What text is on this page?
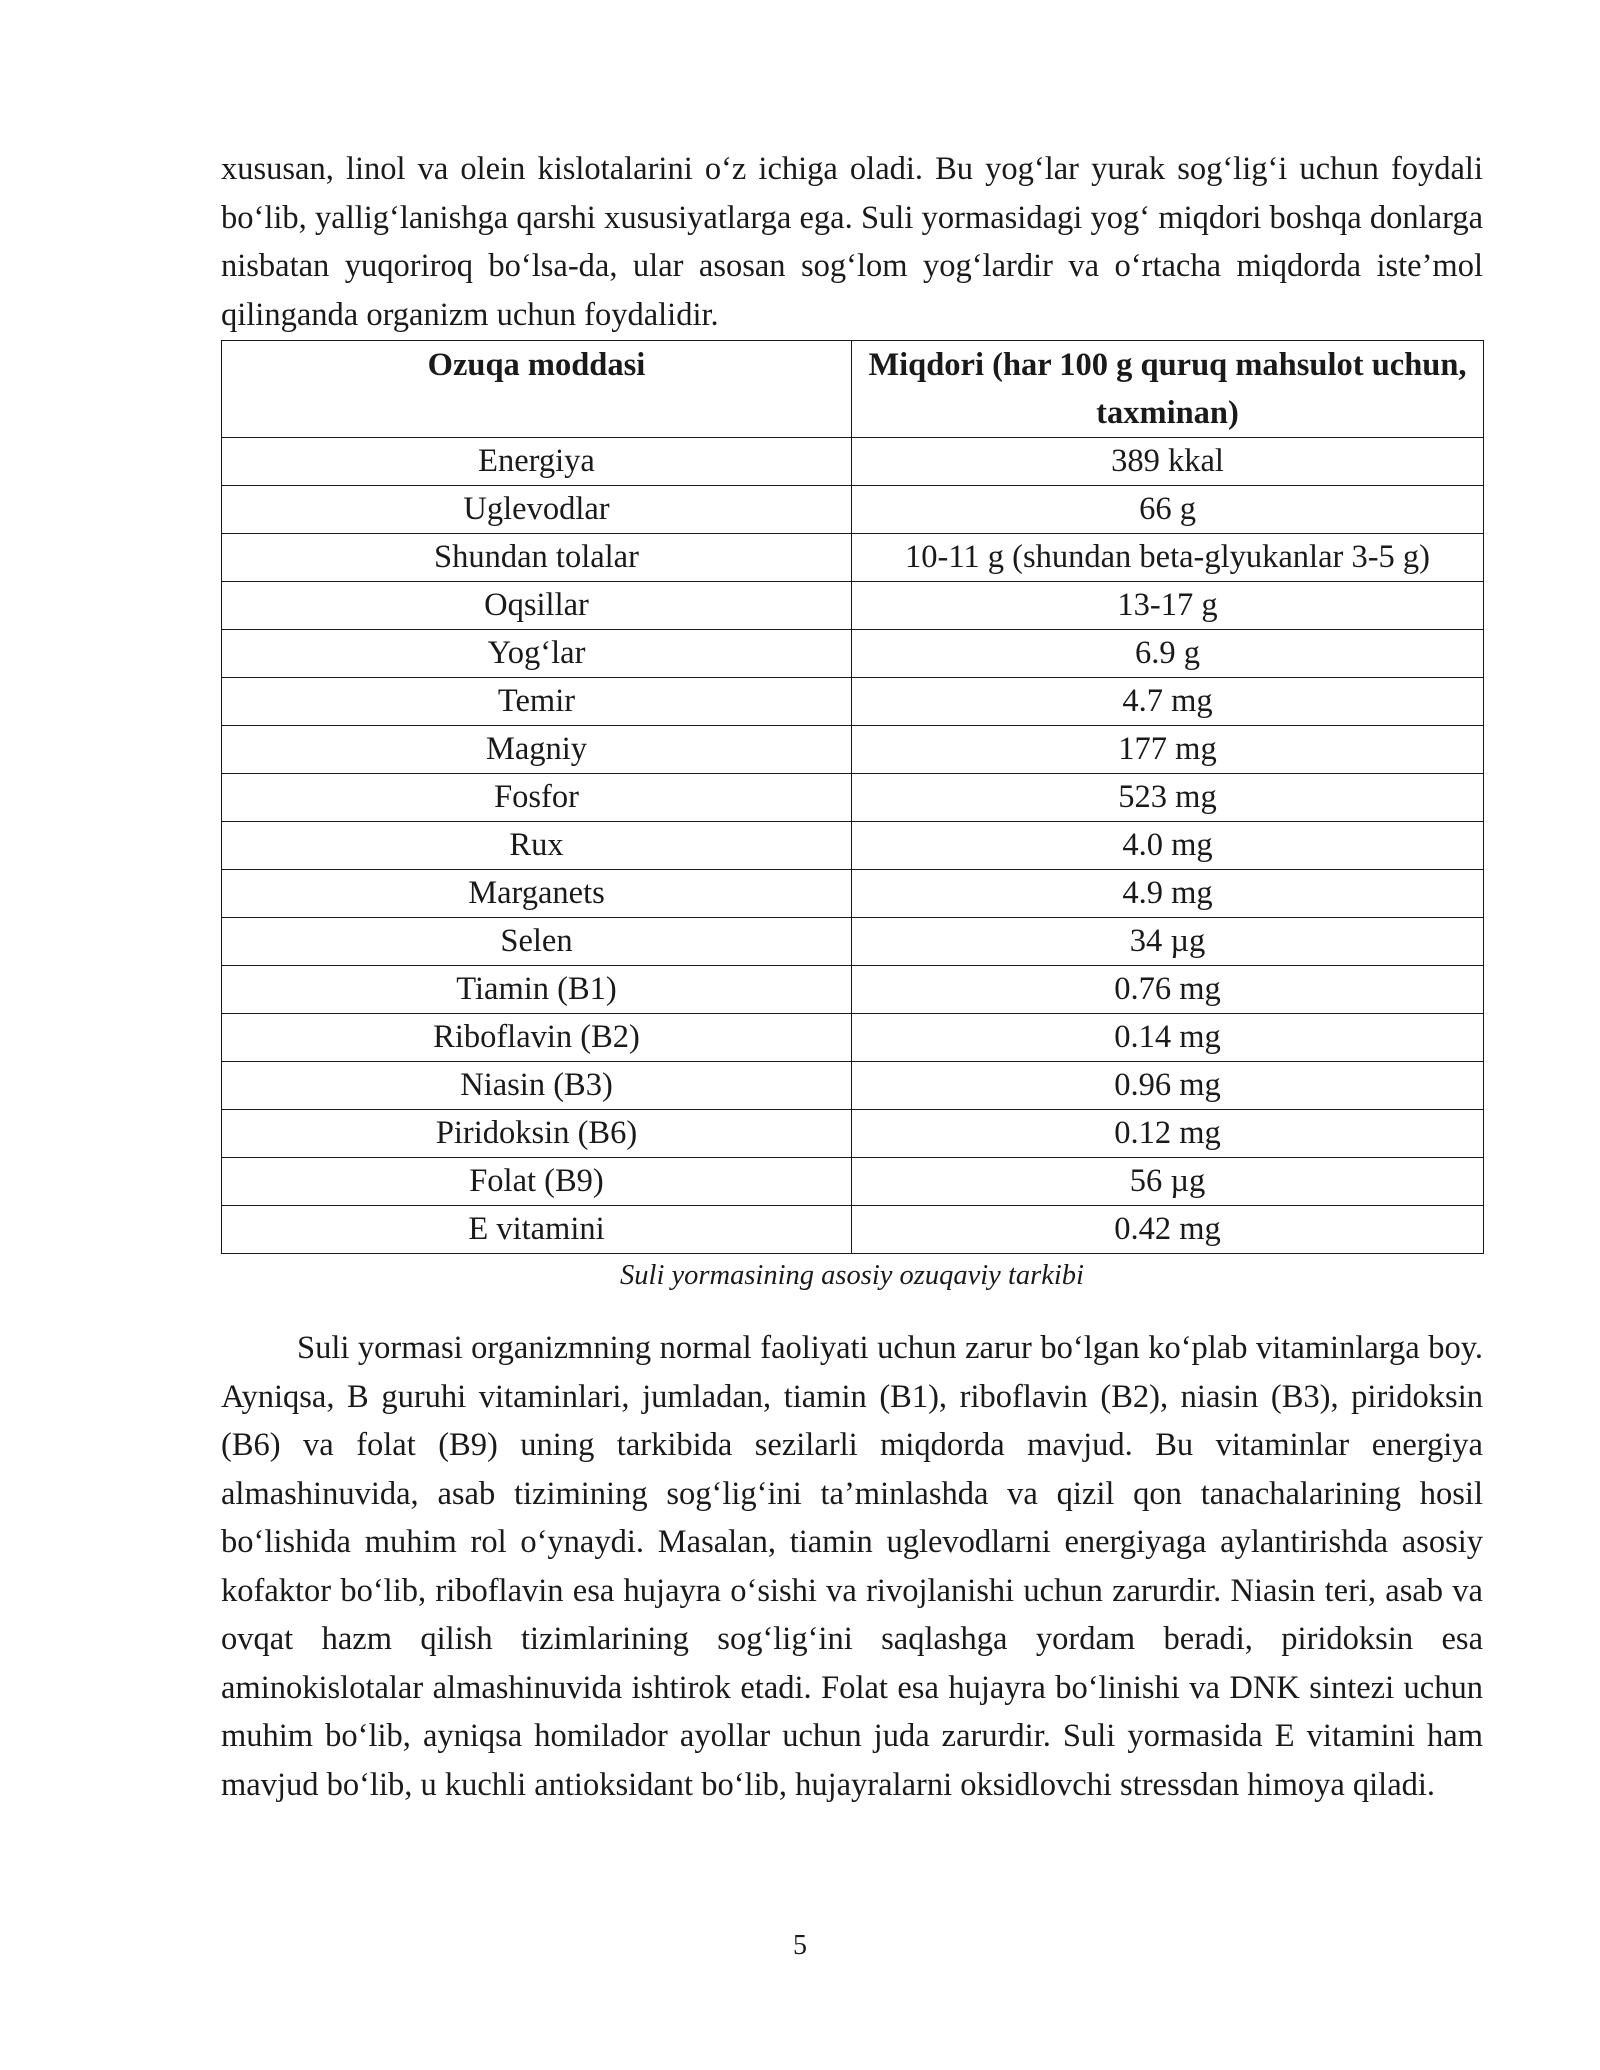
xususan, linol va olein kislotalarini o‘z ichiga oladi. Bu yog‘lar yurak sog‘lig‘i uchun foydali bo‘lib, yallig‘lanishga qarshi xususiyatlarga ega. Suli yormasidagi yog‘ miqdori boshqa donlarga nisbatan yuqoriroq bo‘lsa-da, ular asosan sog‘lom yog‘lardir va o‘rtacha miqdorda iste’mol qilinganda organizm uchun foydalidir.

Ozuqa moddasi	Miqdori (har 100 g quruq mahsulot uchun, taxminan)
Energiya	389 kkal
Uglevodlar	66 g
Shundan tolalar	10-11 g (shundan beta-glyukanlar 3-5 g)
Oqsillar	13-17 g
Yog‘lar	6.9 g
Temir	4.7 mg
Magniy	177 mg
Fosfor	523 mg
Rux	4.0 mg
Marganets	4.9 mg
Selen	34 µg
Tiamin (B1)	0.76 mg
Riboflavin (B2)	0.14 mg
Niasin (B3)	0.96 mg
Piridoksin (B6)	0.12 mg
Folat (B9)	56 µg
E vitamini	0.42 mg
Suli yormasining asosiy ozuqaviy tarkibi

Suli yormasi organizmning normal faoliyati uchun zarur bo‘lgan ko‘plab vitaminlarga boy. Ayniqsa, B guruhi vitaminlari, jumladan, tiamin (B1), riboflavin (B2), niasin (B3), piridoksin (B6) va folat (B9) uning tarkibida sezilarli miqdorda mavjud. Bu vitaminlar energiya almashinuvida, asab tizimining sog‘lig‘ini ta’minlashda va qizil qon tanachalarining hosil bo‘lishida muhim rol o‘ynaydi. Masalan, tiamin uglevodlarni energiyaga aylantirishda asosiy kofaktor bo‘lib, riboflavin esa hujayra o‘sishi va rivojlanishi uchun zarurdir. Niasin teri, asab va ovqat hazm qilish tizimlarining sog‘lig‘ini saqlashga yordam beradi, piridoksin esa aminokislotalar almashinuvida ishtirok etadi. Folat esa hujayra bo‘linishi va DNK sintezi uchun muhim bo‘lib, ayniqsa homilador ayollar uchun juda zarurdir. Suli yormasida E vitamini ham mavjud bo‘lib, u kuchli antioksidant bo‘lib, hujayralarni oksidlovchi stressdan himoya qiladi.

5
